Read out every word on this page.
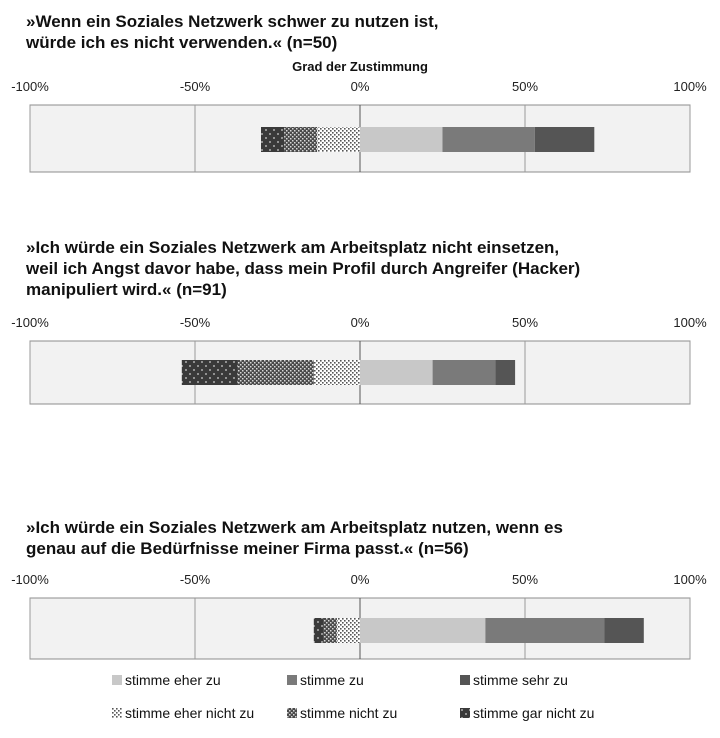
»Wenn ein Soziales Netzwerk schwer zu nutzen ist,
würde ich es nicht verwenden.« (n=50)

Grad der Zustimmung

»Ich würde ein Soziales Netzwerk am Arbeitsplatz nicht einsetzen,
weil ich Angst davor habe, dass mein Profil durch Angreifer (Hacker)
manipuliert wird.« (n=91)

»Ich würde ein Soziales Netzwerk am Arbeitsplatz nutzen, wenn es
genau auf die Bedürfnisse meiner Firma passt.« (n=56)

-100%	-50%	0%	50%	100%
-100%	-50%	0%	50%	100%
-100%	-50%	0%	50%	100%
stimme eher zu	stimme zu	stimme sehr zu
stimme eher nicht zu	stimme nicht zu	stimme gar nicht zu
